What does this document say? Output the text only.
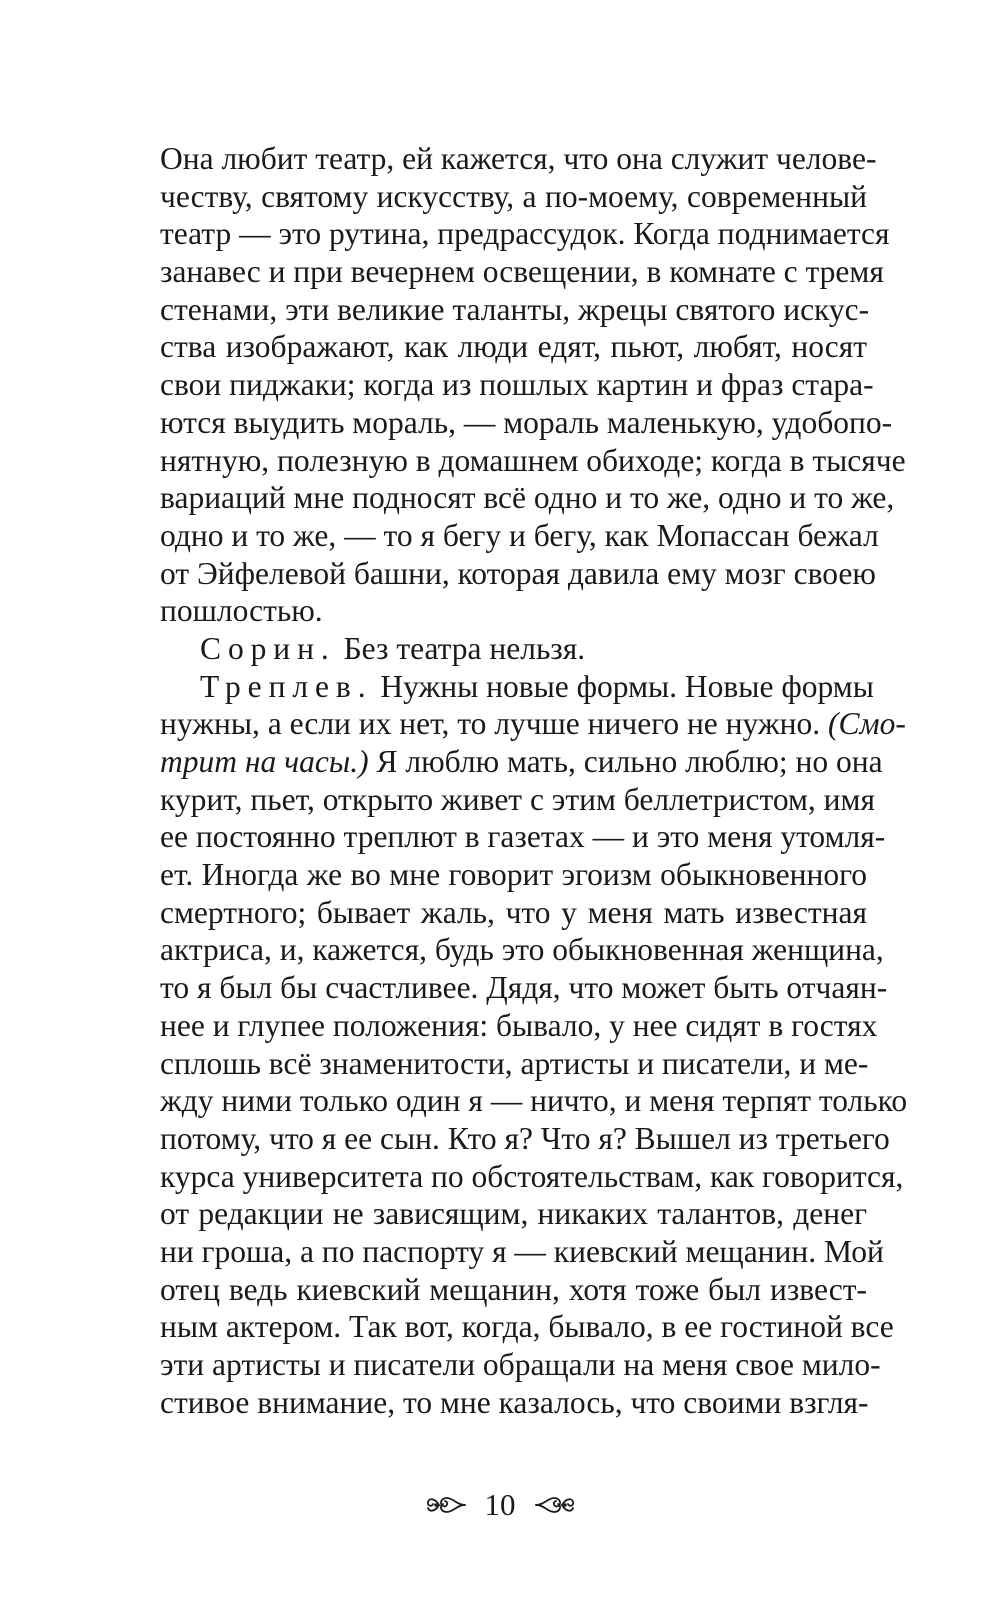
Она любит театр, ей кажется, что она служит челове-
честву, святому искусству, а по-моему, современный
театр — это рутина, предрассудок. Когда поднимается
занавес и при вечернем освещении, в комнате с тремя
стенами, эти великие таланты, жрецы святого искус-
ства изображают, как люди едят, пьют, любят, носят
свои пиджаки; когда из пошлых картин и фраз стара-
ются выудить мораль, — мораль маленькую, удобопо-
нятную, полезную в домашнем обиходе; когда в тысяче
вариаций мне подносят всё одно и то же, одно и то же,
одно и то же, — то я бегу и бегу, как Мопассан бежал
от Эйфелевой башни, которая давила ему мозг своею
пошлостью.
Сорин. Без театра нельзя.
Треплев. Нужны новые формы. Новые формы
нужны, а если их нет, то лучше ничего не нужно. (Смо-
трит на часы.) Я люблю мать, сильно люблю; но она
курит, пьет, открыто живет с этим беллетристом, имя
ее постоянно треплют в газетах — и это меня утомля-
ет. Иногда же во мне говорит эгоизм обыкновенного
смертного; бывает жаль, что у меня мать известная
актриса, и, кажется, будь это обыкновенная женщина,
то я был бы счастливее. Дядя, что может быть отчаян-
нее и глупее положения: бывало, у нее сидят в гостях
сплошь всё знаменитости, артисты и писатели, и ме-
жду ними только один я — ничто, и меня терпят только
потому, что я ее сын. Кто я? Что я? Вышел из третьего
курса университета по обстоятельствам, как говорится,
от редакции не зависящим, никаких талантов, денег
ни гроша, а по паспорту я — киевский мещанин. Мой
отец ведь киевский мещанин, хотя тоже был извест-
ным актером. Так вот, когда, бывало, в ее гостиной все
эти артисты и писатели обращали на меня свое мило-
стивое внимание, то мне казалось, что своими взгля-
10
